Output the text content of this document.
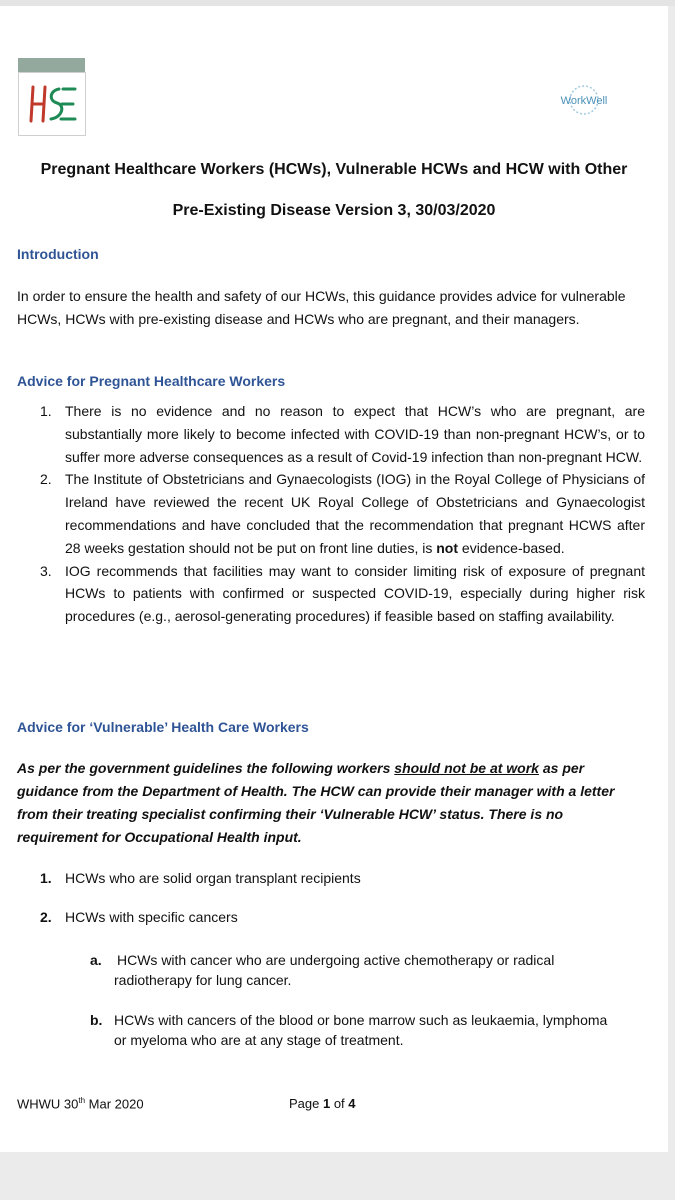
WorkWell
Pregnant Healthcare Workers (HCWs), Vulnerable HCWs and HCW with Other
Pre-Existing Disease Version 3, 30/03/2020
Introduction
In order to ensure the health and safety of our HCWs, this guidance provides advice for vulnerable HCWs, HCWs with pre-existing disease and HCWs who are pregnant, and their managers.
Advice for Pregnant Healthcare Workers
1. There is no evidence and no reason to expect that HCW’s who are pregnant, are substantially more likely to become infected with COVID-19 than non-pregnant HCW’s, or to suffer more adverse consequences as a result of Covid-19 infection than non-pregnant HCW.
2. The Institute of Obstetricians and Gynaecologists (IOG) in the Royal College of Physicians of Ireland have reviewed the recent UK Royal College of Obstetricians and Gynaecologist recommendations and have concluded that the recommendation that pregnant HCWS after 28 weeks gestation should not be put on front line duties, is not evidence-based.
3. IOG recommends that facilities may want to consider limiting risk of exposure of pregnant HCWs to patients with confirmed or suspected COVID-19, especially during higher risk procedures (e.g., aerosol-generating procedures) if feasible based on staffing availability.
Advice for ‘Vulnerable’ Health Care Workers
As per the government guidelines the following workers should not be at work as per guidance from the Department of Health. The HCW can provide their manager with a letter from their treating specialist confirming their ‘Vulnerable HCW’ status. There is no requirement for Occupational Health input.
1. HCWs who are solid organ transplant recipients
2. HCWs with specific cancers
a.	HCWs with cancer who are undergoing active chemotherapy or radical
radiotherapy for lung cancer.
b. HCWs with cancers of the blood or bone marrow such as leukaemia, lymphoma
or myeloma who are at any stage of treatment.
WHWU 30th Mar 2020	Page 1 of 4
